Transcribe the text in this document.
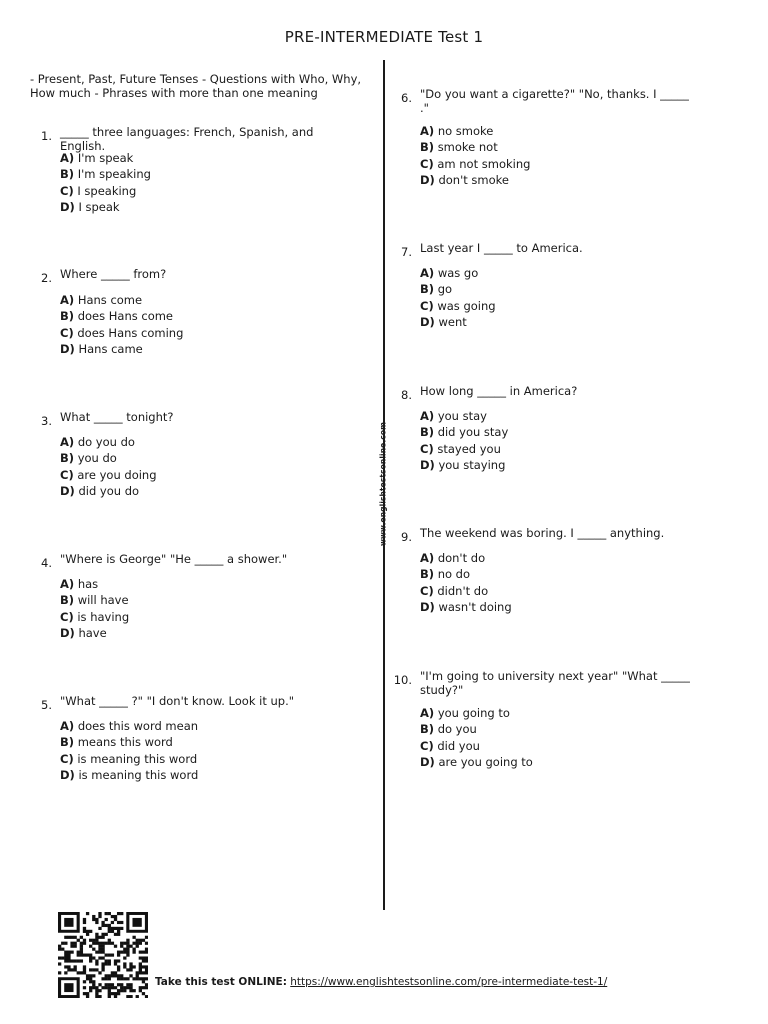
PRE-INTERMEDIATE Test 1
- Present, Past, Future Tenses - Questions with Who, Why, How much - Phrases with more than one meaning
www.englishtestsonline.com
1. _____ three languages: French, Spanish, and English.
A) I'm speak
B) I'm speaking
C) I speaking
D) I speak
2. Where _____ from?
A) Hans come
B) does Hans come
C) does Hans coming
D) Hans came
3. What _____ tonight?
A) do you do
B) you do
C) are you doing
D) did you do
4. "Where is George" "He _____ a shower."
A) has
B) will have
C) is having
D) have
5. "What _____ ?" "I don't know. Look it up."
A) does this word mean
B) means this word
C) is meaning this word
D) is meaning this word
6. "Do you want a cigarette?" "No, thanks. I _____ ."
A) no smoke
B) smoke not
C) am not smoking
D) don't smoke
7. Last year I _____ to America.
A) was go
B) go
C) was going
D) went
8. How long _____ in America?
A) you stay
B) did you stay
C) stayed you
D) you staying
9. The weekend was boring. I _____ anything.
A) don't do
B) no do
C) didn't do
D) wasn't doing
10. "I'm going to university next year" "What _____ study?"
A) you going to
B) do you
C) did you
D) are you going to
Take this test ONLINE: https://www.englishtestsonline.com/pre-intermediate-test-1/
